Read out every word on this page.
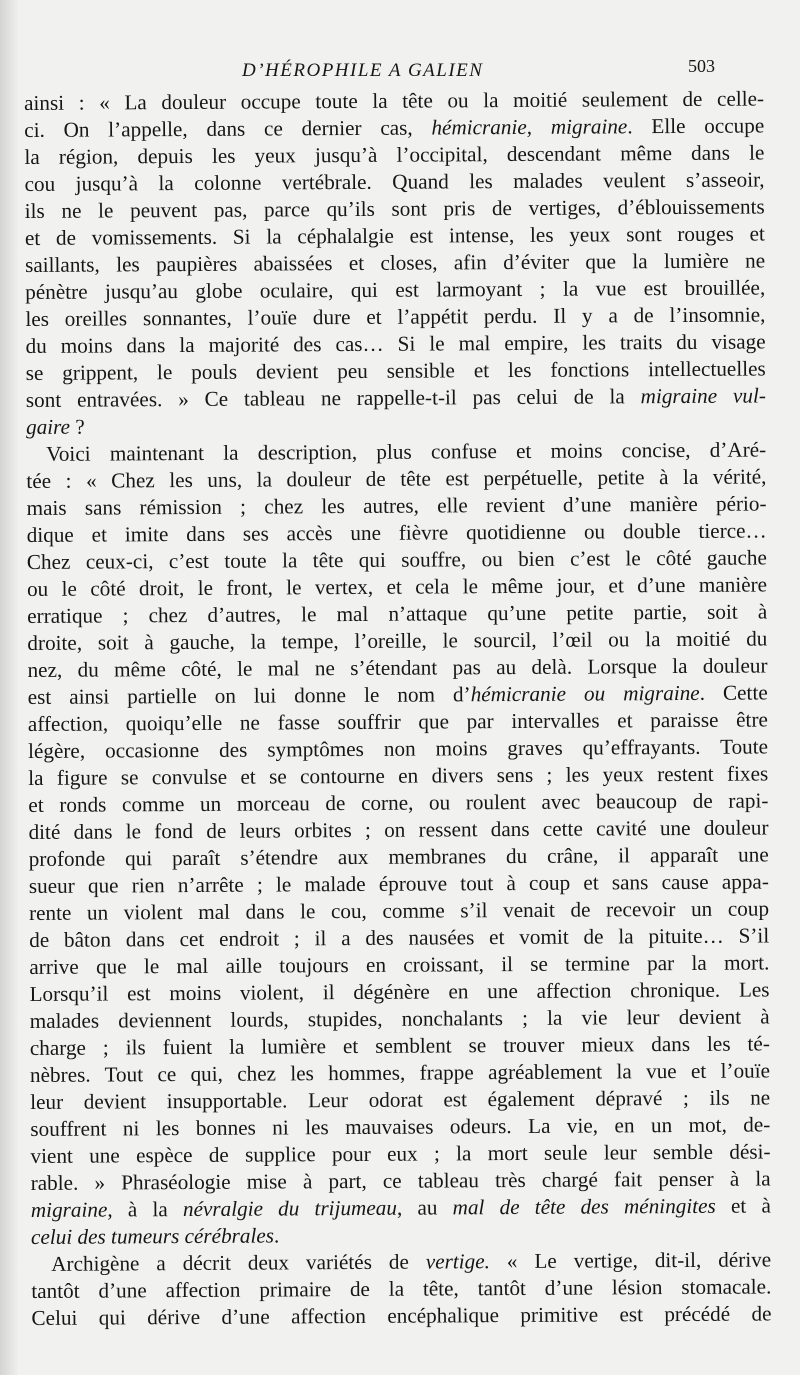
D’HÉROPHILE A GALIEN	503
ainsi : « La douleur occupe toute la tête ou la moitié seulement de celle-
ci. On l’appelle, dans ce dernier cas, hémicranie, migraine. Elle occupe
la région, depuis les yeux jusqu’à l’occipital, descendant même dans le
cou jusqu’à la colonne vertébrale. Quand les malades veulent s’asseoir,
ils ne le peuvent pas, parce qu’ils sont pris de vertiges, d’éblouissements
et de vomissements. Si la céphalalgie est intense, les yeux sont rouges et
saillants, les paupières abaissées et closes, afin d’éviter que la lumière ne
pénètre jusqu’au globe oculaire, qui est larmoyant ; la vue est brouillée,
les oreilles sonnantes, l’ouïe dure et l’appétit perdu. Il y a de l’insomnie,
du moins dans la majorité des cas… Si le mal empire, les traits du visage
se grippent, le pouls devient peu sensible et les fonctions intellectuelles
sont entravées. » Ce tableau ne rappelle-t-il pas celui de la migraine vul-
gaire ?
Voici maintenant la description, plus confuse et moins concise, d’Aré-
tée : « Chez les uns, la douleur de tête est perpétuelle, petite à la vérité,
mais sans rémission ; chez les autres, elle revient d’une manière pério-
dique et imite dans ses accès une fièvre quotidienne ou double tierce…
Chez ceux-ci, c’est toute la tête qui souffre, ou bien c’est le côté gauche
ou le côté droit, le front, le vertex, et cela le même jour, et d’une manière
erratique ; chez d’autres, le mal n’attaque qu’une petite partie, soit à
droite, soit à gauche, la tempe, l’oreille, le sourcil, l’œil ou la moitié du
nez, du même côté, le mal ne s’étendant pas au delà. Lorsque la douleur
est ainsi partielle on lui donne le nom d’hémicranie ou migraine. Cette
affection, quoiqu’elle ne fasse souffrir que par intervalles et paraisse être
légère, occasionne des symptômes non moins graves qu’effrayants. Toute
la figure se convulse et se contourne en divers sens ; les yeux restent fixes
et ronds comme un morceau de corne, ou roulent avec beaucoup de rapi-
dité dans le fond de leurs orbites ; on ressent dans cette cavité une douleur
profonde qui paraît s’étendre aux membranes du crâne, il apparaît une
sueur que rien n’arrête ; le malade éprouve tout à coup et sans cause appa-
rente un violent mal dans le cou, comme s’il venait de recevoir un coup
de bâton dans cet endroit ; il a des nausées et vomit de la pituite… S’il
arrive que le mal aille toujours en croissant, il se termine par la mort.
Lorsqu’il est moins violent, il dégénère en une affection chronique. Les
malades deviennent lourds, stupides, nonchalants ; la vie leur devient à
charge ; ils fuient la lumière et semblent se trouver mieux dans les té-
nèbres. Tout ce qui, chez les hommes, frappe agréablement la vue et l’ouïe
leur devient insupportable. Leur odorat est également dépravé ; ils ne
souffrent ni les bonnes ni les mauvaises odeurs. La vie, en un mot, de-
vient une espèce de supplice pour eux ; la mort seule leur semble dési-
rable. » Phraséologie mise à part, ce tableau très chargé fait penser à la
migraine, à la névralgie du trijumeau, au mal de tête des méningites et à
celui des tumeurs cérébrales.
Archigène a décrit deux variétés de vertige. « Le vertige, dit-il, dérive
tantôt d’une affection primaire de la tête, tantôt d’une lésion stomacale.
Celui qui dérive d’une affection encéphalique primitive est précédé de
